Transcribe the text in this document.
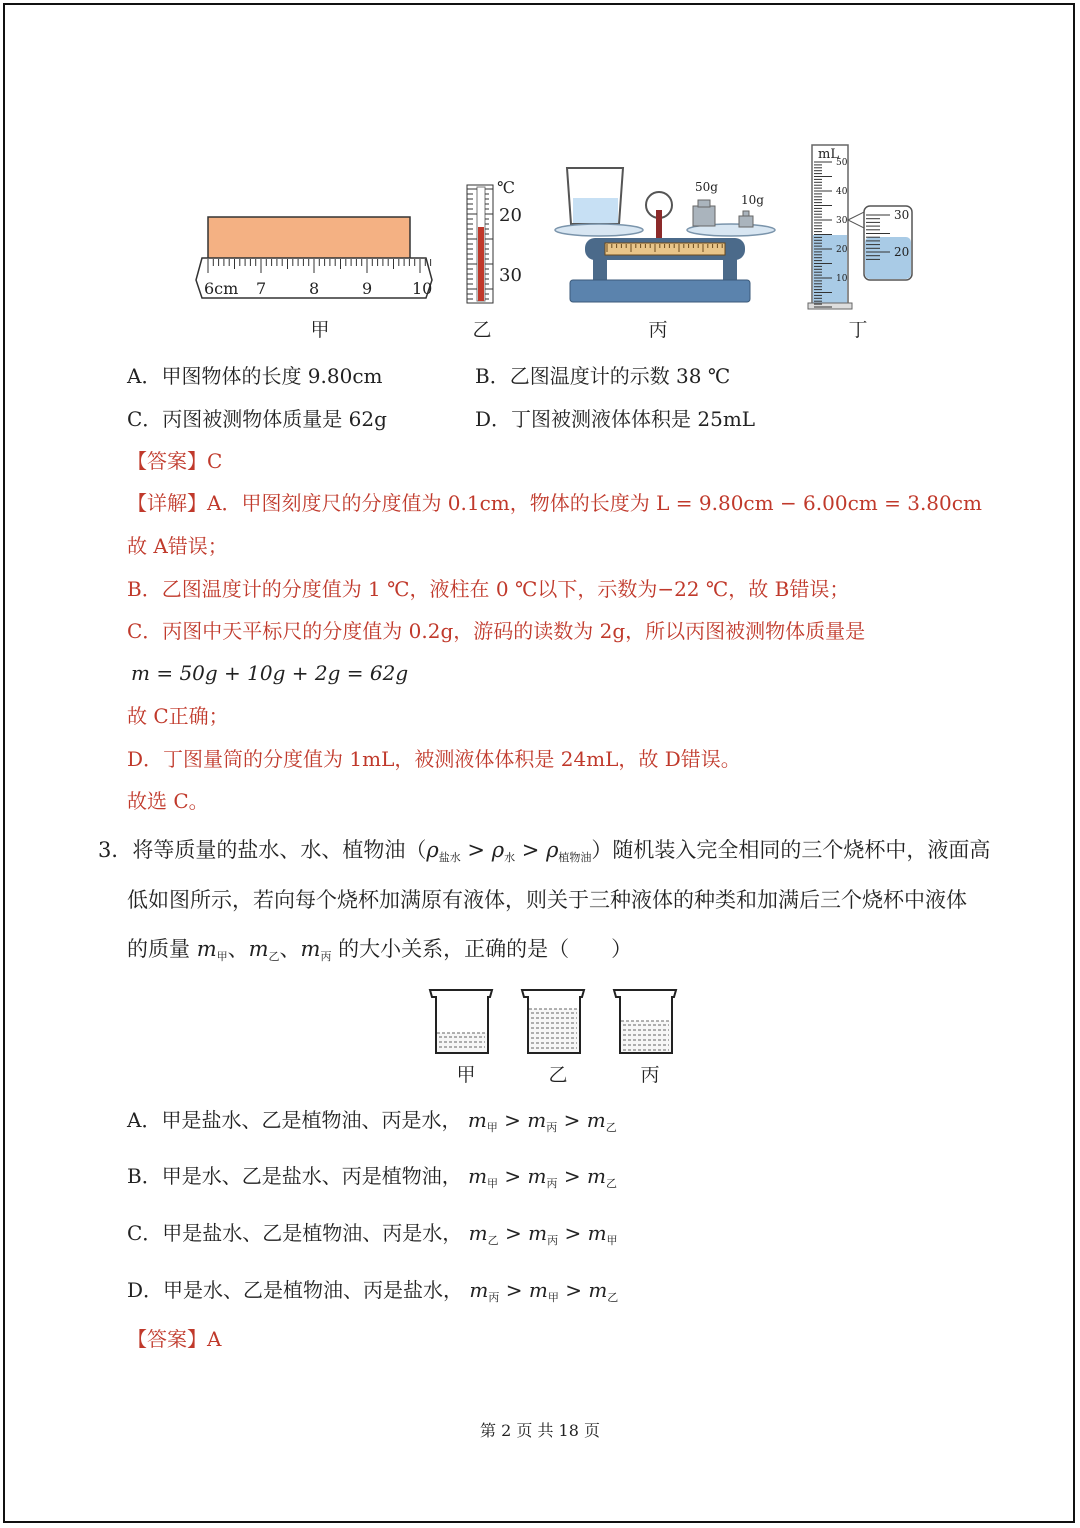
6cm 7	8	9 10
℃
20
30
50g
10g
mL
50
40
30
20
10
30
20
甲	乙	丙	丁
A．甲图物体的长度 9.80cm	B．乙图温度计的示数 38 ℃
C．丙图被测物体质量是 62g	D．丁图被测液体体积是 25mL
【答案】C
【详解】A．甲图刻度尺的分度值为 0.1cm，物体的长度为 L = 9.80cm − 6.00cm = 3.80cm
故 A错误；
B．乙图温度计的分度值为 1 ℃，液柱在 0 ℃以下，示数为−22 ℃，故 B错误；
C．丙图中天平标尺的分度值为 0.2g，游码的读数为 2g，所以丙图被测物体质量是
m = 50g + 10g + 2g = 62g
故 C正确；
D．丁图量筒的分度值为 1mL，被测液体体积是 24mL，故 D错误。
故选 C。
3．将等质量的盐水、水、植物油$(\rho_{盐水} > \rho_水 > \rho_{植物油})$随机装入完全相同的三个烧杯中，液面高
低如图所示，若向每个烧杯加满原有液体，则关于三种液体的种类和加满后三个烧杯中液体
的质量 $m_甲$、$m_乙$、$m_丙$ 的大小关系，正确的是（　　）
甲	乙	丙
A．甲是盐水、乙是植物油、丙是水， $m_甲 > m_丙 > m_乙$
B．甲是水、乙是盐水、丙是植物油， $m_甲 > m_丙 > m_乙$
C．甲是盐水、乙是植物油、丙是水， $m_乙 > m_丙 > m_甲$
D．甲是水、乙是植物油、丙是盐水， $m_丙 > m_甲 > m_乙$
【答案】A
第 2 页 共 18 页
